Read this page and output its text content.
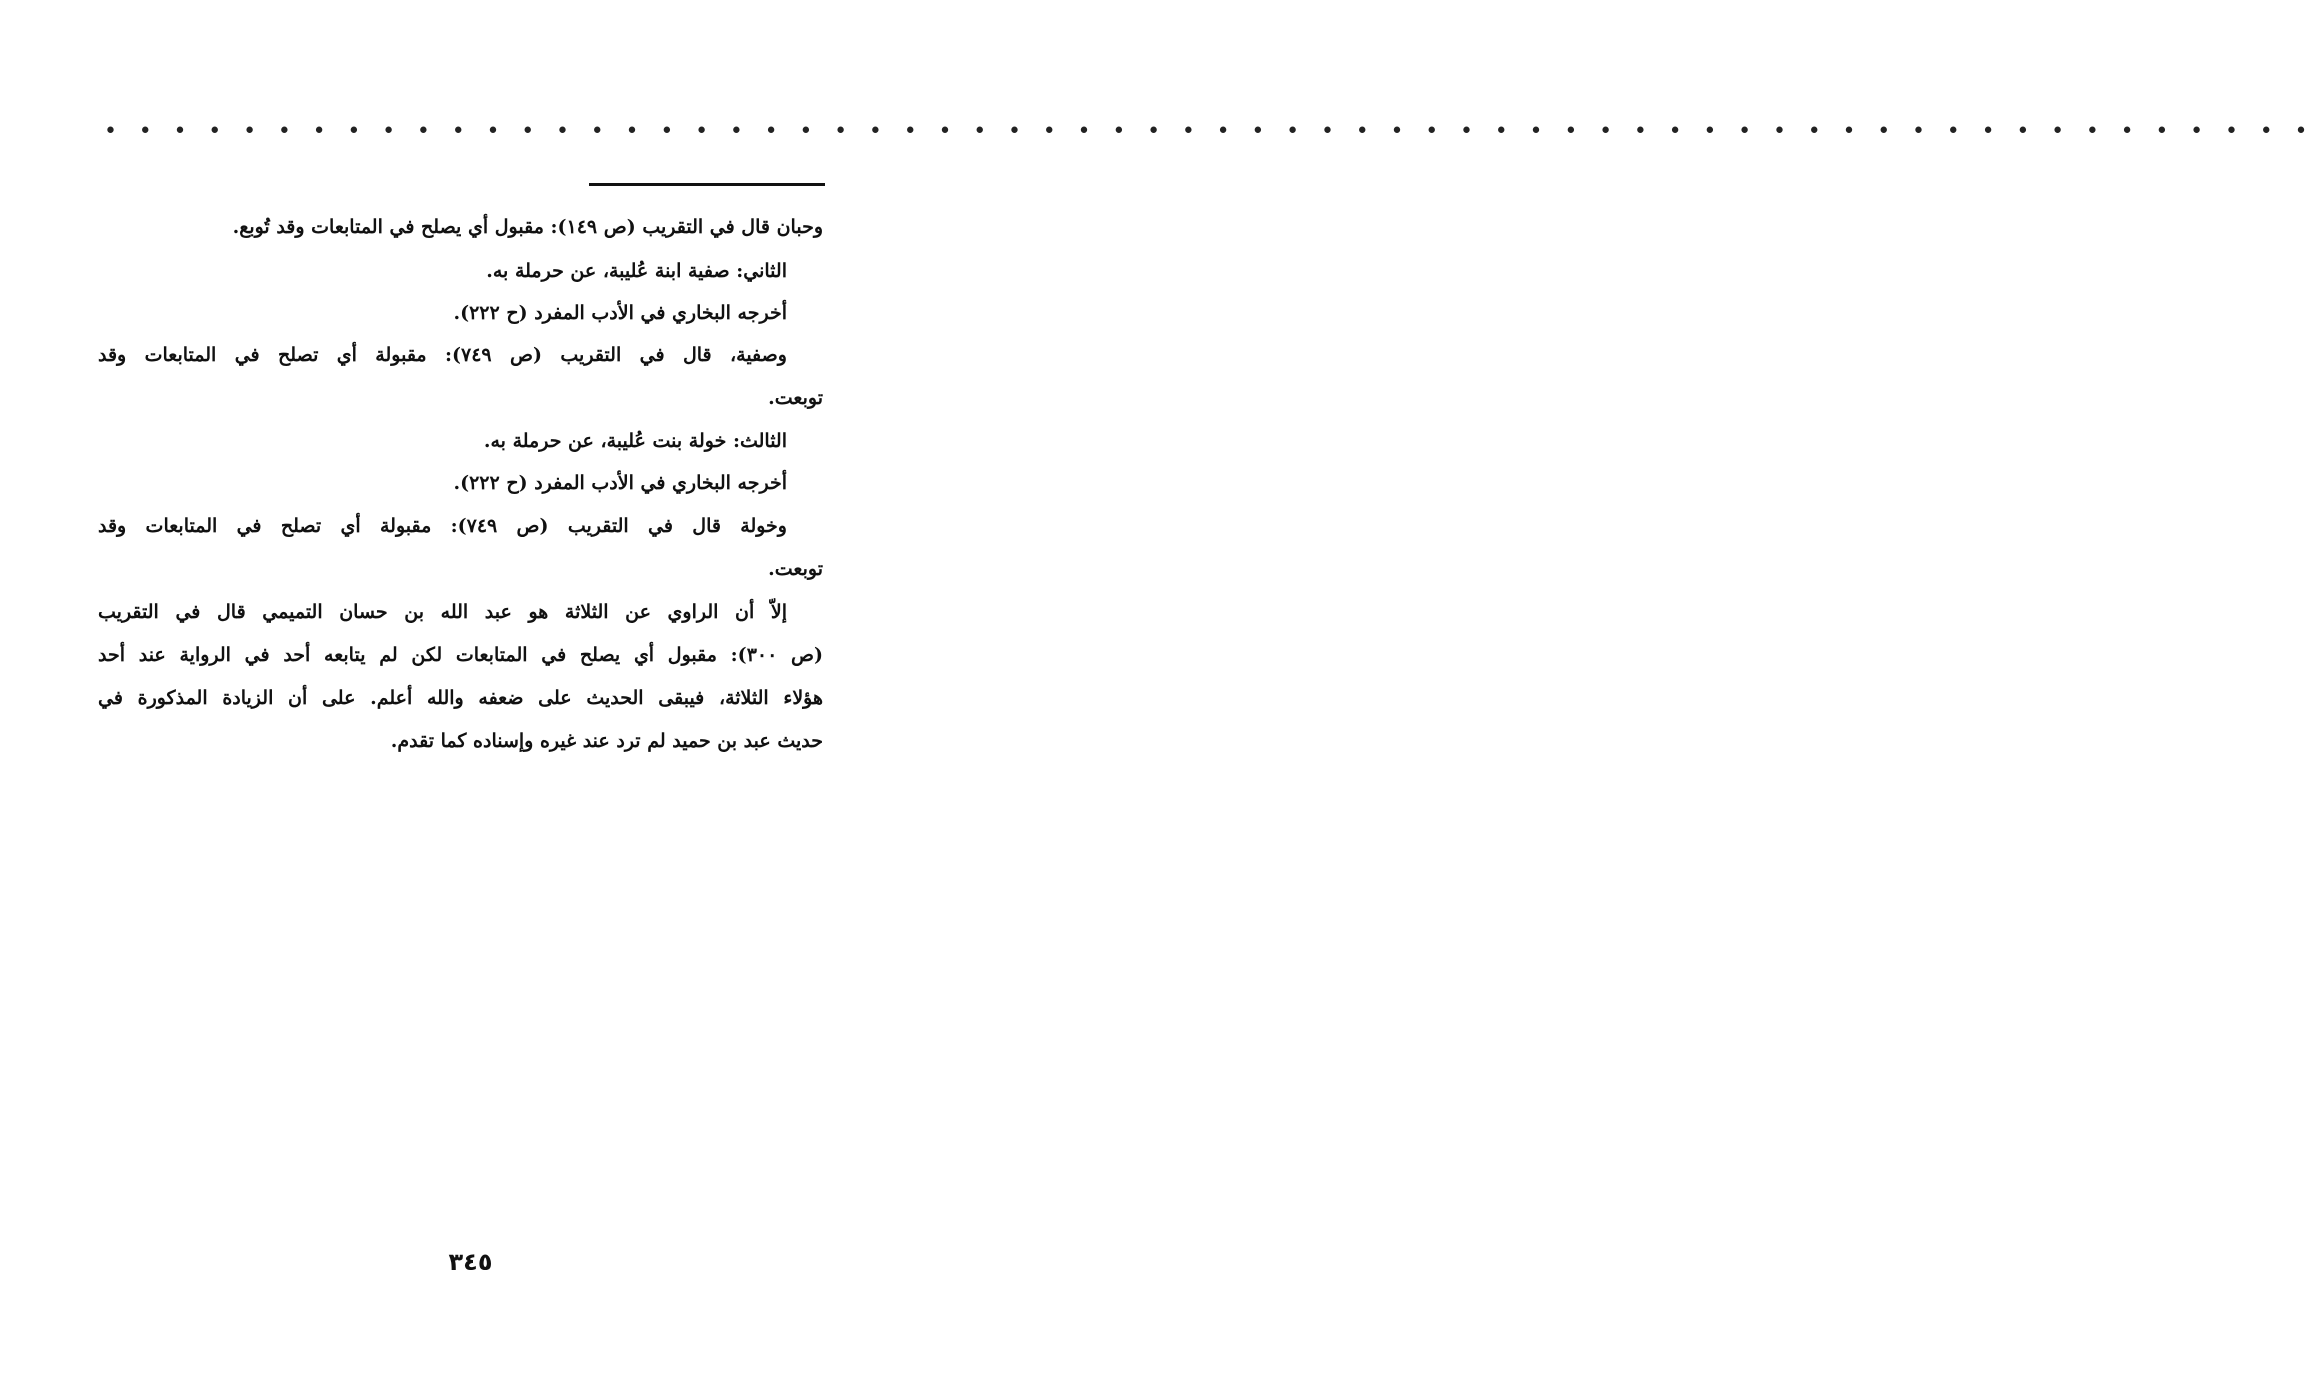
• • • • • • • • • • • • • • • • • • • • • • • • • • • • • • • • • • • • • • • • • • • • • • • • • • • • • • • • • • • • • • • •
وحبان قال في التقريب (ص ١٤٩): مقبول أي يصلح في المتابعات وقد تُوبع.
الثاني: صفية ابنة عُليبة، عن حرملة به.
أخرجه البخاري في الأدب المفرد (ح ٢٢٢).
وصفية، قال في التقريب (ص ٧٤٩): مقبولة أي تصلح في المتابعات وقد
توبعت.
الثالث: خولة بنت عُليبة، عن حرملة به.
أخرجه البخاري في الأدب المفرد (ح ٢٢٢).
وخولة قال في التقريب (ص ٧٤٩): مقبولة أي تصلح في المتابعات وقد
توبعت.
إلاّ أن الراوي عن الثلاثة هو عبد الله بن حسان التميمي قال في التقريب
(ص ٣٠٠): مقبول أي يصلح في المتابعات لكن لم يتابعه أحد في الرواية عند أحد
هؤلاء الثلاثة، فيبقى الحديث على ضعفه والله أعلم. على أن الزيادة المذكورة في
حديث عبد بن حميد لم ترد عند غيره وإسناده كما تقدم.
٣٤٥
